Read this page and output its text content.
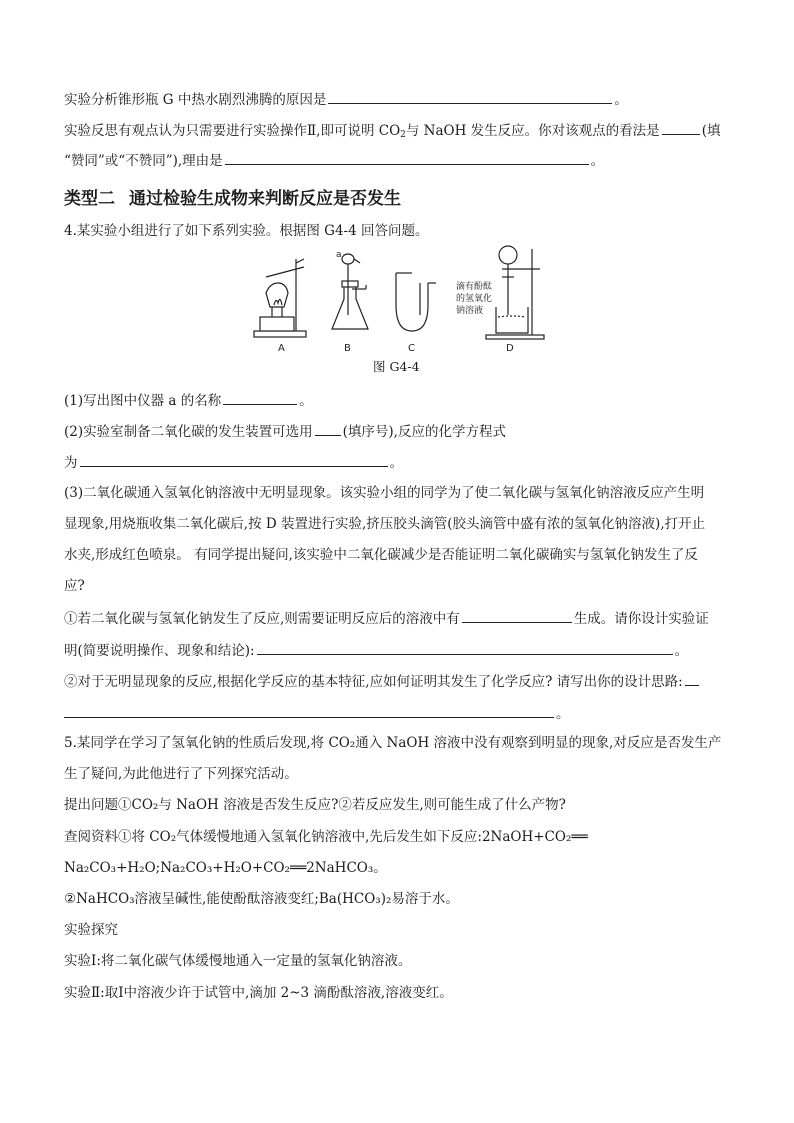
实验分析锥形瓶 G 中热水剧烈沸腾的原因是	。
实验反思有观点认为只需要进行实验操作Ⅱ,即可说明 $CO_2$与 NaOH 发生反应。你对该观点的看法是	(填
“赞同”或“不赞同”),理由是	。
类型二 通过检验生成物来判断反应是否发生
4.某实验小组进行了如下系列实验。根据图 G4-4 回答问题。
a
滴有酚酞
的氢氧化
钠溶液
A	B	C	D
图 G4-4
(1)写出图中仪器 a 的名称	。
(2)实验室制备二氧化碳的发生装置可选用 (填序号),反应的化学方程式
为	。
(3)二氧化碳通入氢氧化钠溶液中无明显现象。该实验小组的同学为了使二氧化碳与氢氧化钠溶液反应产生明
显现象,用烧瓶收集二氧化碳后,按 D 装置进行实验,挤压胶头滴管(胶头滴管中盛有浓的氢氧化钠溶液),打开止
水夹,形成红色喷泉。 有同学提出疑问,该实验中二氧化碳减少是否能证明二氧化碳确实与氢氧化钠发生了反
应?
①若二氧化碳与氢氧化钠发生了反应,则需要证明反应后的溶液中有	生成。请你设计实验证
明(简要说明操作、现象和结论):	。
②对于无明显现象的反应,根据化学反应的基本特征,应如何证明其发生了化学反应? 请写出你的设计思路:
。
5.某同学在学习了氢氧化钠的性质后发现,将 CO₂通入 NaOH 溶液中没有观察到明显的现象,对反应是否发生产
生了疑问,为此他进行了下列探究活动。
提出问题①CO₂与 NaOH 溶液是否发生反应?②若反应发生,则可能生成了什么产物?
查阅资料①将 CO₂气体缓慢地通入氢氧化钠溶液中,先后发生如下反应:2NaOH+CO₂══
Na₂CO₃+H₂O;Na₂CO₃+H₂O+CO₂══2NaHCO₃。
②NaHCO₃溶液呈碱性,能使酚酞溶液变红;Ba(HCO₃)₂易溶于水。
实验探究
实验Ⅰ:将二氧化碳气体缓慢地通入一定量的氢氧化钠溶液。
实验Ⅱ:取Ⅰ中溶液少许于试管中,滴加 2~3 滴酚酞溶液,溶液变红。
